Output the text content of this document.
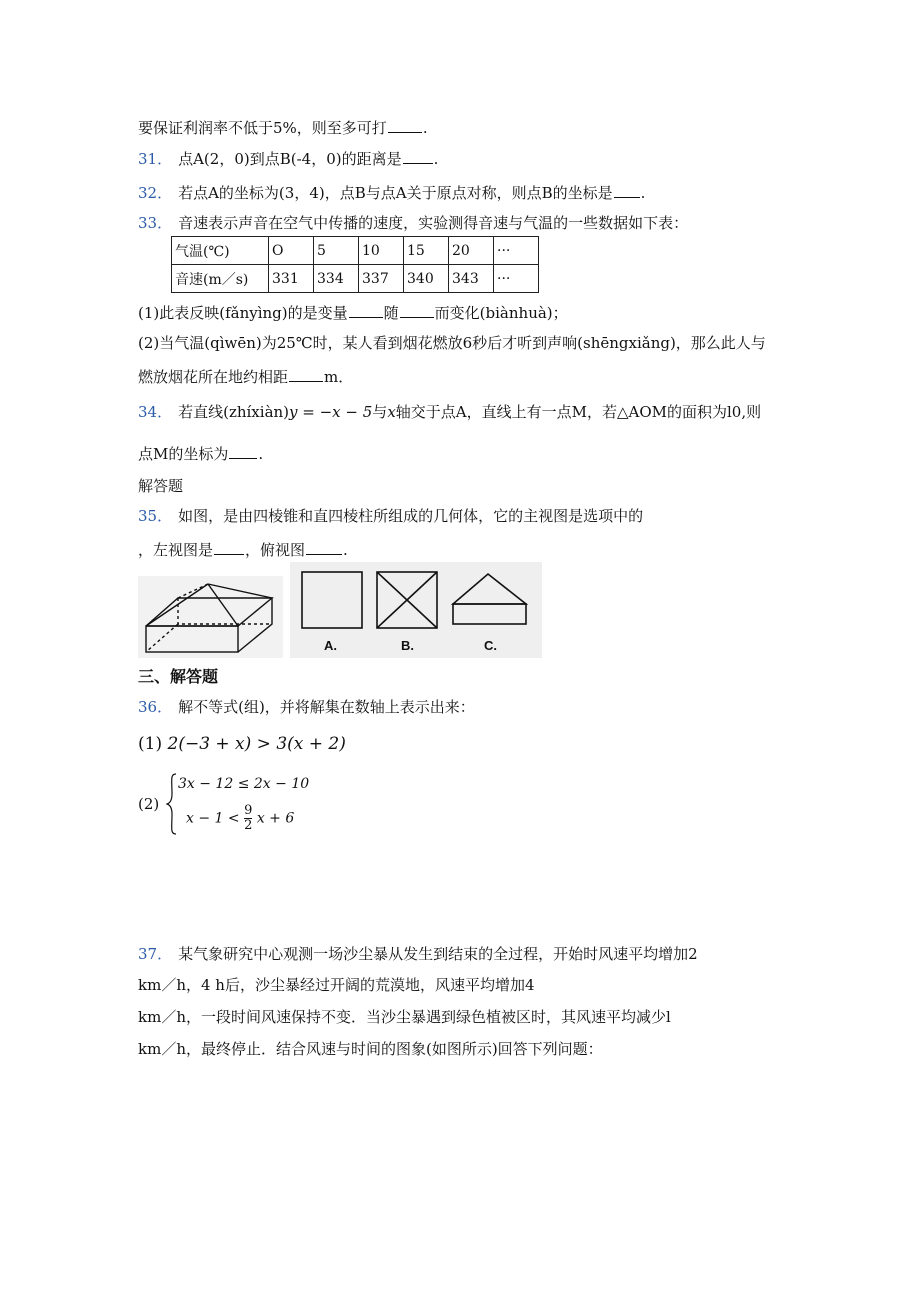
要保证利润率不低于5%，则至多可打 .
31． 点A(2，0)到点B(-4，0)的距离是 .
32． 若点A的坐标为(3，4)，点B与点A关于原点对称，则点B的坐标是 .
33． 音速表示声音在空气中传播的速度，实验测得音速与气温的一些数据如下表：
气温(℃)	O	5	10	15	20	···
音速(m／s)	331	334	337	340	343	···
(1)此表反映(fǎnyìng)的是变量 随 而变化(biànhuà)；
(2)当气温(qìwēn)为25℃时，某人看到烟花燃放6秒后才听到声响(shēngxiǎng)，那么此人与
燃放烟花所在地约相距 m．
34． 若直线(zhíxiàn)y = −x − 5与x轴交于点A，直线上有一点M，若△AOM的面积为l0,则
点M的坐标为 .
解答题
35． 如图，是由四棱锥和直四棱柱所组成的几何体，它的主视图是选项中的
，左视图是 ，俯视图	.
A.	B.	C.
三、解答题
36． 解不等式(组)，并将解集在数轴上表示出来：
(1) 2(−3 + x) > 3(x + 2)
(2)
3x − 12 ≤ 2x − 10
$x - 1 < \frac{9}{2}$ x + 6
37． 某气象研究中心观测一场沙尘暴从发生到结束的全过程，开始时风速平均增加2
km／h，4 h后，沙尘暴经过开阔的荒漠地，风速平均增加4
km／h，一段时间风速保持不变．当沙尘暴遇到绿色植被区时，其风速平均减少l
km／h，最终停止．结合风速与时间的图象(如图所示)回答下列问题：
